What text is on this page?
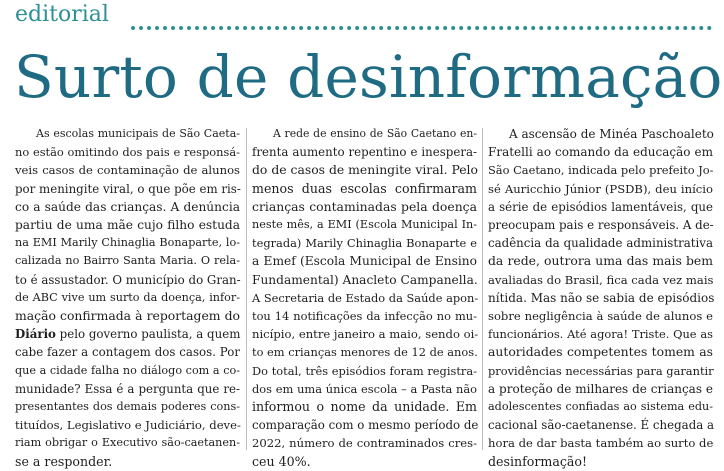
editorial
Surto de desinformação

As escolas municipais de São Caeta-
no estão omitindo dos pais e responsá-
veis casos de contaminação de alunos
por meningite viral, o que põe em ris-
co a saúde das crianças. A denúncia
partiu de uma mãe cujo filho estuda
na EMI Marily Chinaglia Bonaparte, lo-
calizada no Bairro Santa Maria. O rela-
to é assustador. O município do Gran-
de ABC vive um surto da doença, infor-
mação confirmada à reportagem do
Diário pelo governo paulista, a quem
cabe fazer a contagem dos casos. Por
que a cidade falha no diálogo com a co-
munidade? Essa é a pergunta que re-
presentantes dos demais poderes cons-
tituídos, Legislativo e Judiciário, deve-
riam obrigar o Executivo são-caetanen-
se a responder.

A rede de ensino de São Caetano en-
frenta aumento repentino e inespera-
do de casos de meningite viral. Pelo
menos duas escolas confirmaram
crianças contaminadas pela doença
neste mês, a EMI (Escola Municipal In-
tegrada) Marily Chinaglia Bonaparte e
a Emef (Escola Municipal de Ensino
Fundamental) Anacleto Campanella.
A Secretaria de Estado da Saúde apon-
tou 14 notificações da infecção no mu-
nicípio, entre janeiro a maio, sendo oi-
to em crianças menores de 12 de anos.
Do total, três episódios foram registra-
dos em uma única escola – a Pasta não
informou o nome da unidade. Em
comparação com o mesmo período de
2022, número de contraminados cres-
ceu 40%.

A ascensão de Minéa Paschoaleto
Fratelli ao comando da educação em
São Caetano, indicada pelo prefeito Jo-
sé Auricchio Júnior (PSDB), deu início
a série de episódios lamentáveis, que
preocupam pais e responsáveis. A de-
cadência da qualidade administrativa
da rede, outrora uma das mais bem
avaliadas do Brasil, fica cada vez mais
nítida. Mas não se sabia de episódios
sobre negligência à saúde de alunos e
funcionários. Até agora! Triste. Que as
autoridades competentes tomem as
providências necessárias para garantir
a proteção de milhares de crianças e
adolescentes confiadas ao sistema edu-
cacional são-caetanense. É chegada a
hora de dar basta também ao surto de
desinformação!
